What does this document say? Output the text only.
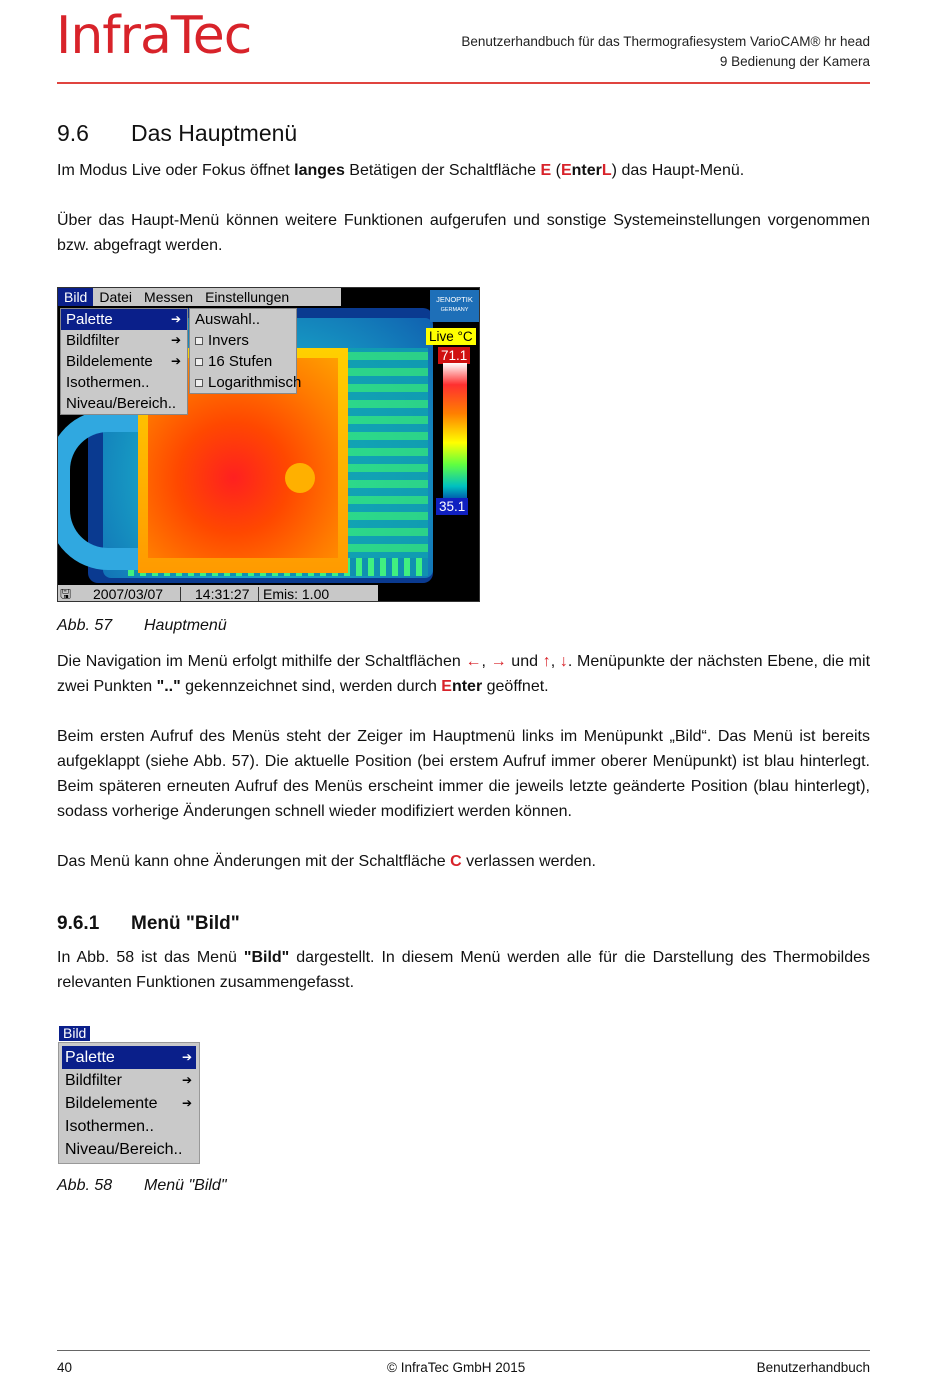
InfraTec	Benutzerhandbuch für das Thermografiesystem VarioCAM® hr head
9 Bedienung der Kamera
9.6 Das Hauptmenü
Im Modus Live oder Fokus öffnet langes Betätigen der Schaltfläche E (EnterL) das Haupt-Menü.
Über das Haupt-Menü können weitere Funktionen aufgerufen und sonstige Systemeinstellungen vorgenommen bzw. abgefragt werden.
Bild Datei Messen Einstellungen
Palette	➔
Bildfilter	➔
Bildelemente ➔
Isothermen..
Niveau/Bereich..
Auswahl..
Invers
16 Stufen
Logarithmisch
JENOPTIK
GERMANY
Live °C
71.1
35.1
🖫 2007/03/07 14:31:27 Emis: 1.00
Abb. 57 Hauptmenü
Die Navigation im Menü erfolgt mithilfe der Schaltflächen ←, → und ↑, ↓. Menüpunkte der nächsten Ebene, die mit zwei Punkten ".." gekennzeichnet sind, werden durch Enter geöffnet.
Beim ersten Aufruf des Menüs steht der Zeiger im Hauptmenü links im Menüpunkt „Bild“. Das Menü ist bereits aufgeklappt (siehe Abb. 57). Die aktuelle Position (bei erstem Aufruf immer oberer Menüpunkt) ist blau hinterlegt. Beim späteren erneuten Aufruf des Menüs erscheint immer die jeweils letzte geänderte Position (blau hinterlegt), sodass vorherige Änderungen schnell wieder modifiziert werden können.
Das Menü kann ohne Änderungen mit der Schaltfläche C verlassen werden.
9.6.1 Menü "Bild"
In Abb. 58 ist das Menü "Bild" dargestellt. In diesem Menü werden alle für die Darstellung des Thermobildes relevanten Funktionen zusammengefasst.
Bild
Palette	➔
Bildfilter	➔
Bildelemente ➔
Isothermen..
Niveau/Bereich..
Abb. 58 Menü "Bild"
40	© InfraTec GmbH 2015	Benutzerhandbuch
